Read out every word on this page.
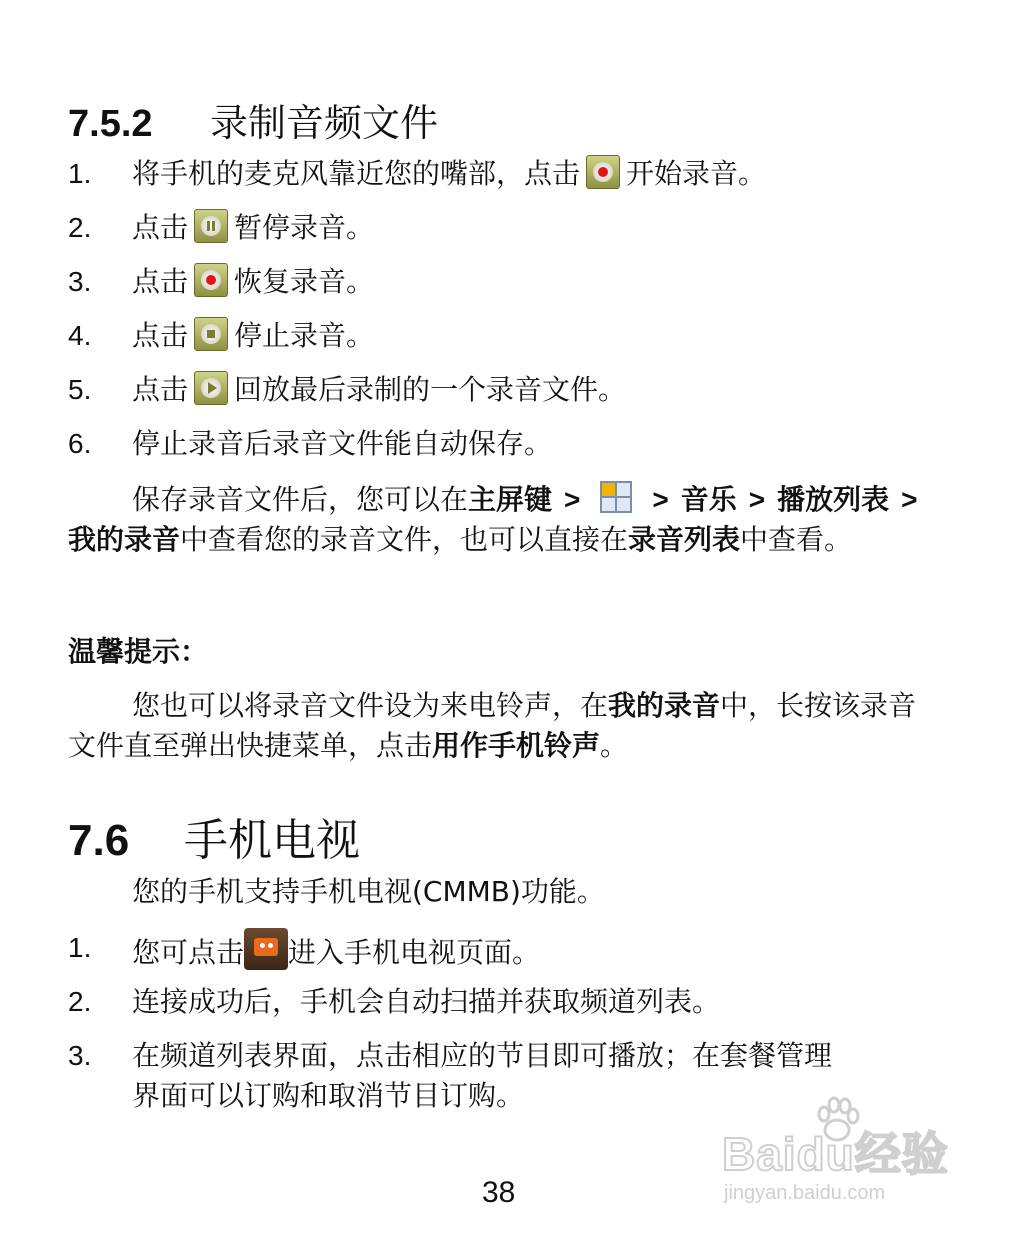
7.5.2 录制音频文件
1. 将手机的麦克风靠近您的嘴部，点击 开始录音。
2. 点击 暂停录音。
3. 点击 恢复录音。
4. 点击 停止录音。
5. 点击 回放最后录制的一个录音文件。
6. 停止录音后录音文件能自动保存。
保存录音文件后，您可以在主屏键 >	> 音乐 > 播放列表 >我的录音中查看您的录音文件，也可以直接在录音列表中查看。
温馨提示：
您也可以将录音文件设为来电铃声，在我的录音中，长按该录音文件直至弹出快捷菜单，点击用作手机铃声。
7.6 手机电视
您的手机支持手机电视(CMMB)功能。
1. 您可点击 进入手机电视页面。
2. 连接成功后，手机会自动扫描并获取频道列表。
3. 在频道列表界面，点击相应的节目即可播放；在套餐管理
界面可以订购和取消节目订购。
38
Baidu经验
jingyan.baidu.com
